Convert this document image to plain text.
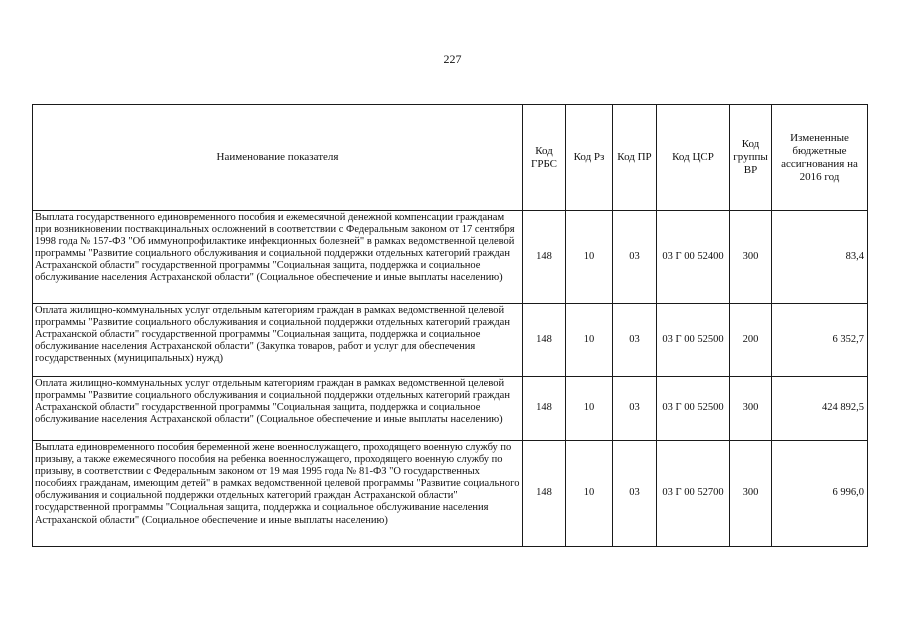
227
Наименование показателя	Код ГРБС	Код Рз	Код ПР	Код ЦСР	Код группы ВР	Измененные бюджетные ассигнования на 2016 год
Выплата государственного единовременного пособия и ежемесячной денежной компенсации гражданам при возникновении поствакцинальных осложнений в соответствии с Федеральным законом от 17 сентября 1998 года № 157-ФЗ "Об иммунопрофилактике инфекционных болезней" в рамках ведомственной целевой программы "Развитие социального обслуживания и социальной поддержки отдельных категорий граждан Астраханской области" государственной программы "Социальная защита, поддержка и социальное обслуживание населения Астраханской области" (Социальное обеспечение и иные выплаты населению)	148	10	03	03 Г 00 52400	300	83,4
Оплата жилищно-коммунальных услуг отдельным категориям граждан в рамках ведомственной целевой программы "Развитие социального обслуживания и социальной поддержки отдельных категорий граждан Астраханской области" государственной программы "Социальная защита, поддержка и социальное обслуживание населения Астраханской области" (Закупка товаров, работ и услуг для обеспечения государственных (муниципальных) нужд)	148	10	03	03 Г 00 52500	200	6 352,7
Оплата жилищно-коммунальных услуг отдельным категориям граждан в рамках ведомственной целевой программы "Развитие социального обслуживания и социальной поддержки отдельных категорий граждан Астраханской области" государственной программы "Социальная защита, поддержка и социальное обслуживание населения Астраханской области" (Социальное обеспечение и иные выплаты населению)	148	10	03	03 Г 00 52500	300	424 892,5
Выплата единовременного пособия беременной жене военнослужащего, проходящего военную службу по призыву, а также ежемесячного пособия на ребенка военнослужащего, проходящего военную службу по призыву, в соответствии с Федеральным законом от 19 мая 1995 года № 81-ФЗ "О государственных пособиях гражданам, имеющим детей" в рамках ведомственной целевой программы "Развитие социального обслуживания и социальной поддержки отдельных категорий граждан Астраханской области" государственной программы "Социальная защита, поддержка и социальное обслуживание населения Астраханской области" (Социальное обеспечение и иные выплаты населению)	148	10	03	03 Г 00 52700	300	6 996,0
